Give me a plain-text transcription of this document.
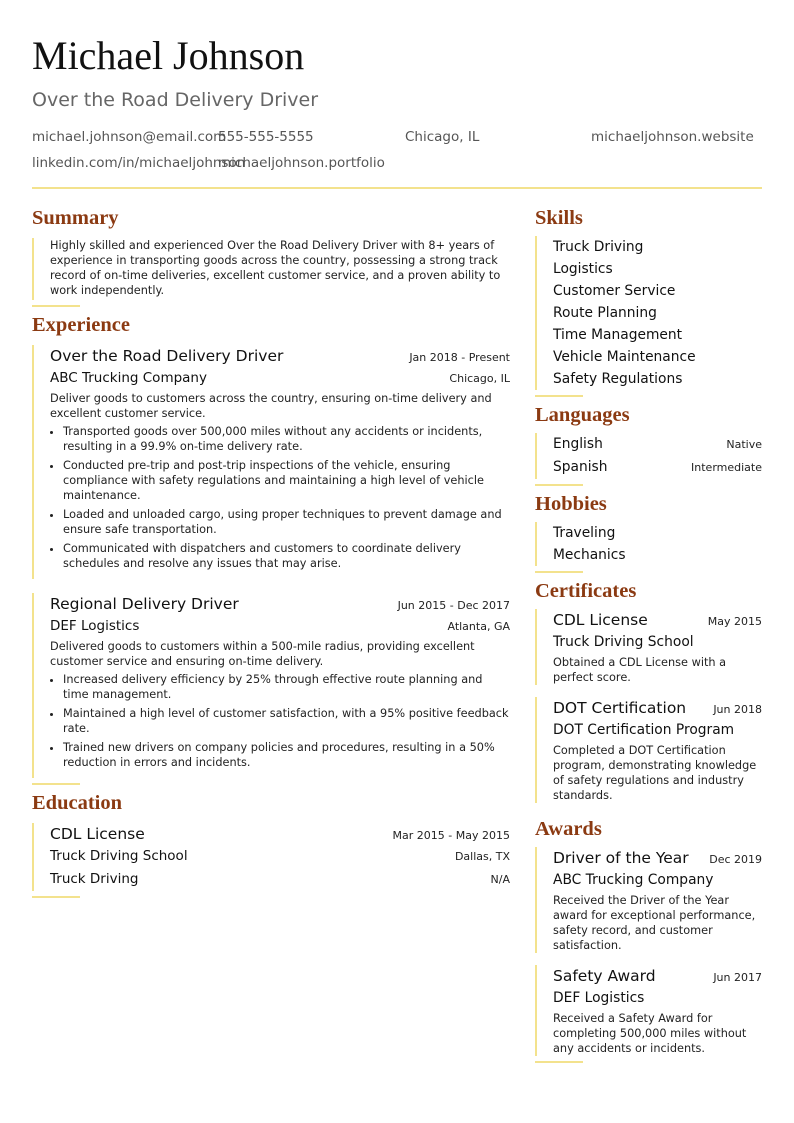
Michael Johnson
Over the Road Delivery Driver
michael.johnson@email.com
555-555-5555	Chicago, IL	michaeljohnson.website
linkedin.com/in/michaeljohnson
michaeljohnson.portfolio
Summary
Highly skilled and experienced Over the Road Delivery Driver with 8+ years of experience in transporting goods across the country, possessing a strong track record of on-time deliveries, excellent customer service, and a proven ability to work independently.
Experience
Over the Road Delivery Driver	Jan 2018 - Present
ABC Trucking Company	Chicago, IL
Deliver goods to customers across the country, ensuring on-time delivery and excellent customer service.
• Transported goods over 500,000 miles without any accidents or incidents, resulting in a 99.9% on-time delivery rate.
• Conducted pre-trip and post-trip inspections of the vehicle, ensuring compliance with safety regulations and maintaining a high level of vehicle maintenance.
• Loaded and unloaded cargo, using proper techniques to prevent damage and ensure safe transportation.
• Communicated with dispatchers and customers to coordinate delivery schedules and resolve any issues that may arise.
Regional Delivery Driver	Jun 2015 - Dec 2017
DEF Logistics	Atlanta, GA
Delivered goods to customers within a 500-mile radius, providing excellent customer service and ensuring on-time delivery.
• Increased delivery efficiency by 25% through effective route planning and time management.
• Maintained a high level of customer satisfaction, with a 95% positive feedback rate.
• Trained new drivers on company policies and procedures, resulting in a 50% reduction in errors and incidents.
Education
CDL License	Mar 2015 - May 2015
Truck Driving School	Dallas, TX
Truck Driving	N/A
Skills
Truck Driving
Logistics
Customer Service
Route Planning
Time Management
Vehicle Maintenance
Safety Regulations
Languages
English	Native
Spanish	Intermediate
Hobbies
Traveling
Mechanics
Certificates
CDL License	May 2015
Truck Driving School
Obtained a CDL License with a perfect score.
DOT Certification Jun 2018
DOT Certification Program
Completed a DOT Certification program, demonstrating knowledge of safety regulations and industry standards.
Awards
Driver of the Year Dec 2019
ABC Trucking Company
Received the Driver of the Year award for exceptional performance, safety record, and customer satisfaction.
Safety Award	Jun 2017
DEF Logistics
Received a Safety Award for completing 500,000 miles without any accidents or incidents.
